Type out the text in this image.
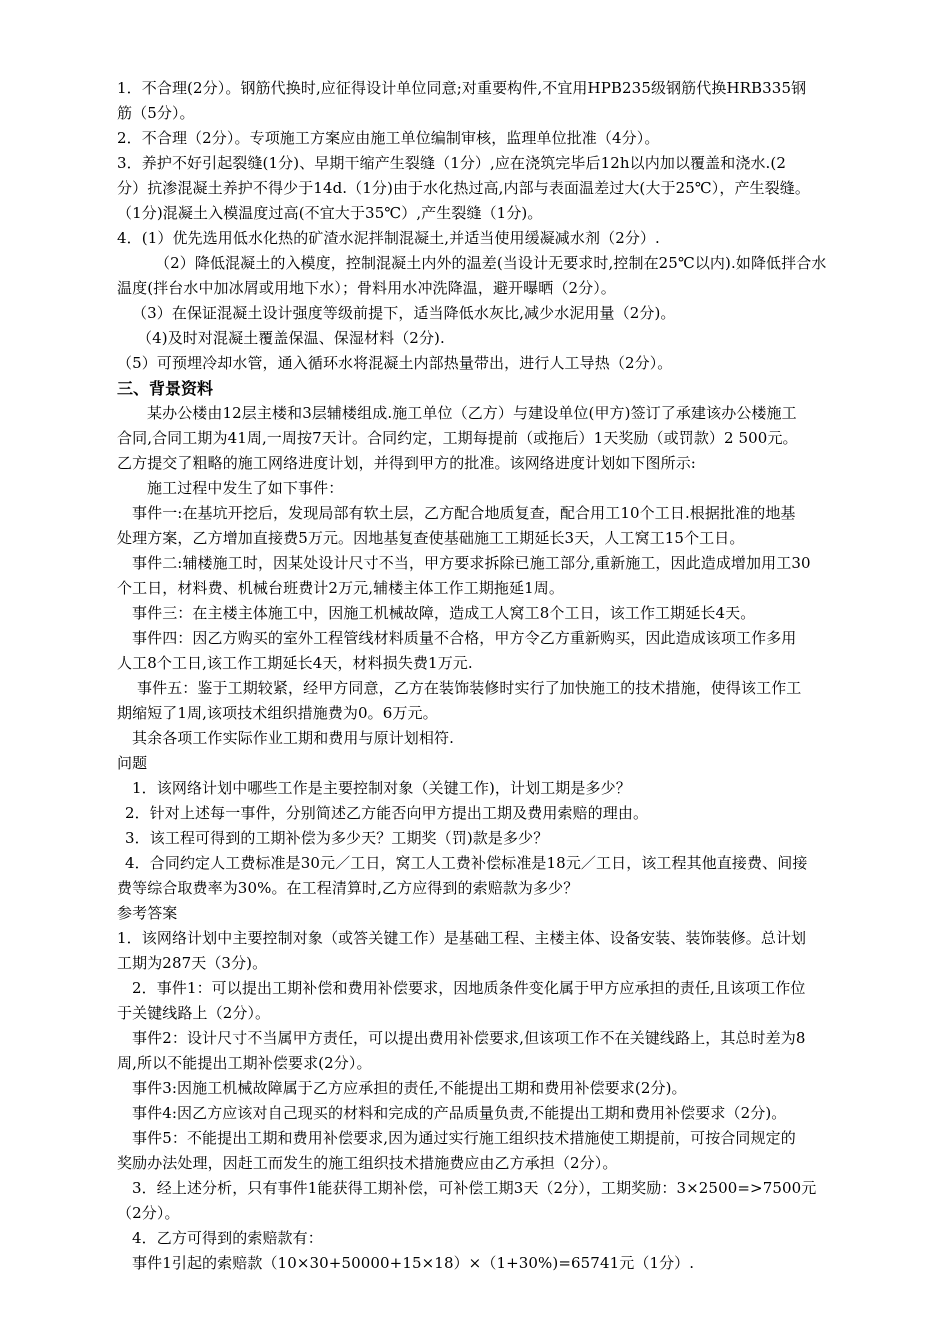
1．不合理(2分）。钢筋代换时,应征得设计单位同意;对重要构件,不宜用HPB235级钢筋代换HRB335钢
筋（5分）。
2．不合理（2分）。专项施工方案应由施工单位编制审核，监理单位批准（4分）。
3．养护不好引起裂缝(1分)、早期干缩产生裂缝（1分）,应在浇筑完毕后12h以内加以覆盖和浇水.(2
分）抗渗混凝土养护不得少于14d.（1分)由于水化热过高,内部与表面温差过大(大于25℃），产生裂缝。
（1分)混凝土入模温度过高(不宜大于35℃）,产生裂缝（1分)。
4．(1）优先选用低水化热的矿渣水泥拌制混凝土,并适当使用缓凝减水剂（2分）.
（2）降低混凝土的入模度，控制混凝土内外的温差(当设计无要求时,控制在25℃以内).如降低拌合水
温度(拌台水中加冰屑或用地下水）；骨料用水冲洗降温，避开曝晒（2分）。
（3）在保证混凝土设计强度等级前提下，适当降低水灰比,减少水泥用量（2分)。
（4)及时对混凝土覆盖保温、保湿材料（2分).
（5）可预埋冷却水管，通入循环水将混凝土内部热量带出，进行人工导热（2分）。
三、背景资料
某办公楼由12层主楼和3层辅楼组成.施工单位（乙方）与建设单位(甲方)签订了承建该办公楼施工
合同,合同工期为41周,一周按7天计。合同约定，工期每提前（或拖后）1天奖励（或罚款）2 500元。
乙方提交了粗略的施工网络进度计划，并得到甲方的批准。该网络进度计划如下图所示:
施工过程中发生了如下事件：
事件一:在基坑开挖后，发现局部有软土层，乙方配合地质复查，配合用工10个工日.根据批准的地基
处理方案，乙方增加直接费5万元。因地基复查使基础施工工期延长3天，人工窝工15个工日。
事件二:辅楼施工时，因某处设计尺寸不当，甲方要求拆除已施工部分,重新施工，因此造成增加用工30
个工日，材料费、机械台班费计2万元,辅楼主体工作工期拖延1周。
事件三：在主楼主体施工中，因施工机械故障，造成工人窝工8个工日，该工作工期延长4天。
事件四：因乙方购买的室外工程管线材料质量不合格，甲方令乙方重新购买，因此造成该项工作多用
人工8个工日,该工作工期延长4天，材料损失费1万元.
事件五：鉴于工期较紧，经甲方同意，乙方在装饰装修时实行了加快施工的技术措施，使得该工作工
期缩短了1周,该项技术组织措施费为0。6万元。
其余各项工作实际作业工期和费用与原计划相符.
问题
1．该网络计划中哪些工作是主要控制对象（关键工作)，计划工期是多少？
2．针对上述每一事件，分别简述乙方能否向甲方提出工期及费用索赔的理由。
3．该工程可得到的工期补偿为多少天？工期奖（罚)款是多少？
4．合同约定人工费标准是30元／工日，窝工人工费补偿标准是18元／工日，该工程其他直接费、间接
费等综合取费率为30%。在工程清算时,乙方应得到的索赔款为多少？
参考答案
1．该网络计划中主要控制对象（或答关键工作）是基础工程、主楼主体、设备安装、装饰装修。总计划
工期为287天（3分)。
2．事件1：可以提出工期补偿和费用补偿要求，因地质条件变化属于甲方应承担的责任,且该项工作位
于关键线路上（2分）。
事件2：设计尺寸不当属甲方责任，可以提出费用补偿要求,但该项工作不在关键线路上，其总时差为8
周,所以不能提出工期补偿要求(2分）。
事件3:因施工机械故障属于乙方应承担的责任,不能提出工期和费用补偿要求(2分)。
事件4:因乙方应该对自己现买的材料和完成的产品质量负责,不能提出工期和费用补偿要求（2分)。
事件5：不能提出工期和费用补偿要求,因为通过实行施工组织技术措施使工期提前，可按合同规定的
奖励办法处理，因赶工而发生的施工组织技术措施费应由乙方承担（2分）。
3．经上述分析，只有事件1能获得工期补偿，可补偿工期3天（2分），工期奖励：3×2500=>7500元
（2分）。
4．乙方可得到的索赔款有：
事件1引起的索赔款（10×30+50000+15×18）×（1+30%)=65741元（1分）.
